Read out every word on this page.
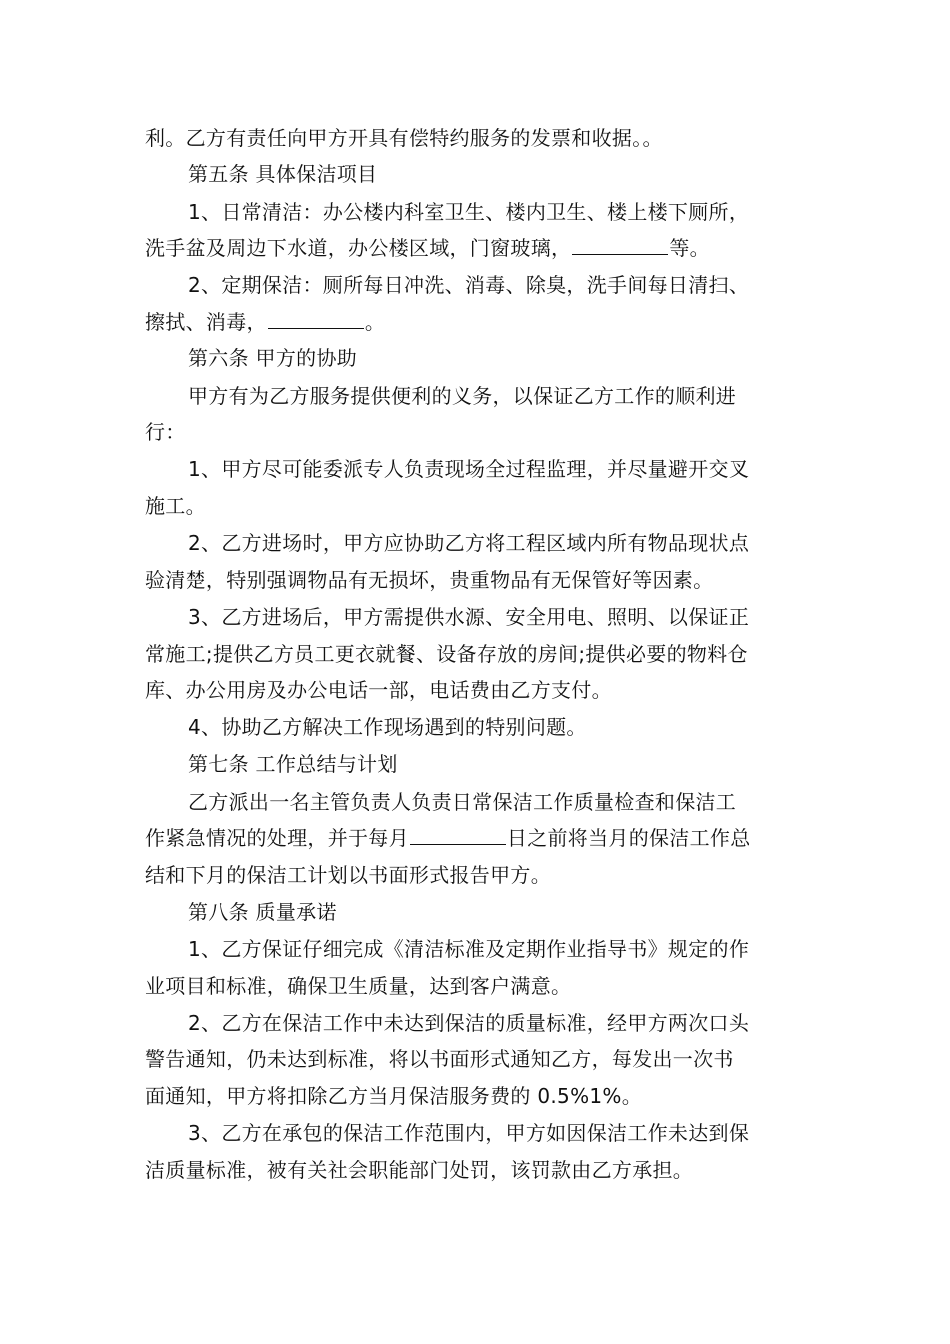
利。乙方有责任向甲方开具有偿特约服务的发票和收据。。
第五条 具体保洁项目
1、日常清洁：办公楼内科室卫生、楼内卫生、楼上楼下厕所，
洗手盆及周边下水道，办公楼区域，门窗玻璃，	等。
2、定期保洁：厕所每日冲洗、消毒、除臭，洗手间每日清扫、
擦拭、消毒，	。
第六条 甲方的协助
甲方有为乙方服务提供便利的义务，以保证乙方工作的顺利进
行：
1、甲方尽可能委派专人负责现场全过程监理，并尽量避开交叉
施工。
2、乙方进场时，甲方应协助乙方将工程区域内所有物品现状点
验清楚，特别强调物品有无损坏，贵重物品有无保管好等因素。
3、乙方进场后，甲方需提供水源、安全用电、照明、以保证正
常施工;提供乙方员工更衣就餐、设备存放的房间;提供必要的物料仓
库、办公用房及办公电话一部，电话费由乙方支付。
4、协助乙方解决工作现场遇到的特别问题。
第七条 工作总结与计划
乙方派出一名主管负责人负责日常保洁工作质量检查和保洁工
作紧急情况的处理，并于每月	日之前将当月的保洁工作总
结和下月的保洁工计划以书面形式报告甲方。
第八条 质量承诺
1、乙方保证仔细完成《清洁标准及定期作业指导书》规定的作
业项目和标准，确保卫生质量，达到客户满意。
2、乙方在保洁工作中未达到保洁的质量标准，经甲方两次口头
警告通知，仍未达到标准，将以书面形式通知乙方，每发出一次书
面通知，甲方将扣除乙方当月保洁服务费的 0.5%1%。
3、乙方在承包的保洁工作范围内，甲方如因保洁工作未达到保
洁质量标准，被有关社会职能部门处罚，该罚款由乙方承担。
